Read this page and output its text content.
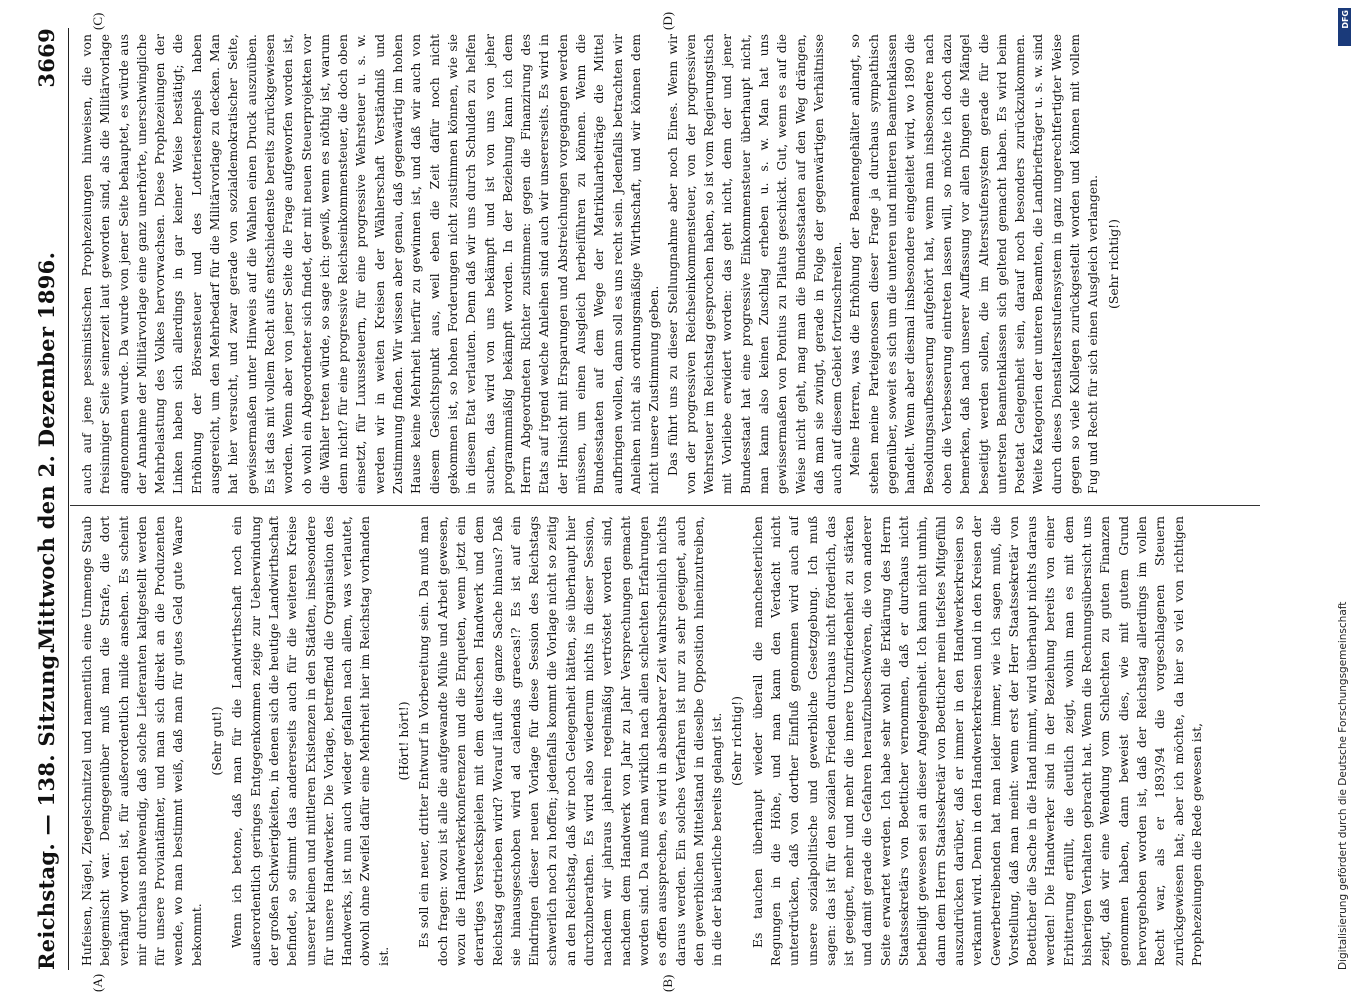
Reichstag. — 138. Sitzung.
Mittwoch den 2. Dezember 1896.
3669
(A)	(B)
(C)	(D)

Hufeisen, Nägel, Ziegelschnitzel und namentlich eine Unmenge Staub beigemischt war. Demgegenüber muß man die Strafe, die dort verhängt worden ist, für außerordentlich milde ansehen. Es scheint mir durchaus nothwendig, daß solche Lieferanten kaltgestellt werden für unsere Proviantämter, und man sich direkt an die Produzenten wende, wo man bestimmt weiß, daß man für gutes Geld gute Waare bekommt.

(Sehr gut!) Wenn ich betone, daß man für die Landwirthschaft noch ein außerordentlich geringes Entgegenkommen zeige zur Ueberwindung der großen Schwierigkeiten, in denen sich die heutige Landwirthschaft befindet, so stimmt das andererseits auch für die weiteren Kreise unserer kleinen und mittleren Existenzen in den Städten, insbesondere für unsere Handwerker. Die Vorlage, betreffend die Organisation des Handwerks, ist nun auch wieder gefallen nach allem, was verlautet, obwohl ohne Zweifel dafür eine Mehrheit hier im Reichstag vorhanden ist.

(Hört! hört!) Es soll ein neuer, dritter Entwurf in Vorbereitung sein. Da muß man doch fragen: wozu ist alle die aufgewandte Mühe und Arbeit gewesen, wozu die Handwerkerkonferenzen und die Enqueten, wenn jetzt ein derartiges Versteckspielen mit dem deutschen Handwerk und dem Reichstag getrieben wird? Worauf läuft die ganze Sache hinaus? Daß sie hinausgeschoben wird ad calendas graecas!? Es ist auf ein Eindringen dieser neuen Vorlage für diese Session des Reichstags schwerlich noch zu hoffen; jedenfalls kommt die Vorlage nicht so zeitig an den Reichstag, daß wir noch Gelegenheit hätten, sie überhaupt hier durchzuberathen. Es wird also wiederum nichts in dieser Session, nachdem wir jahraus jahrein regelmäßig vertröstet worden sind, nachdem dem Handwerk von Jahr zu Jahr Versprechungen gemacht worden sind. Da muß man wirklich nach allen schlechten Erfahrungen es offen aussprechen, es wird in absehbarer Zeit wahrscheinlich nichts daraus werden. Ein solches Verfahren ist nur zu sehr geeignet, auch den gewerblichen Mittelstand in dieselbe Opposition hineinzutreiben, in die der bäuerliche bereits gelangt ist. (Sehr richtig!) Es tauchen überhaupt wieder überall die manchesterlichen Regungen in die Höhe, und man kann den Verdacht nicht unterdrücken, daß von dorther Einfluß genommen wird auch auf unsere sozialpolitische und gewerbliche Gesetzgebung. Ich muß sagen: das ist für den sozialen Frieden durchaus nicht förderlich, das ist geeignet, mehr und mehr die innere Unzufriedenheit zu stärken und damit gerade die Gefahren heraufzubeschwören, die von anderer Seite erwartet werden. Ich habe sehr wohl die Erklärung des Herrn Staatssekretärs von Boetticher vernommen, daß er durchaus nicht betheiligt gewesen sei an dieser Angelegenheit. Ich kann nicht umhin, dann dem Herrn Staatssekretär von Boetticher mein tiefstes Mitgefühl auszudrücken darüber, daß er immer in den Handwerkerkreisen so verkannt wird. Denn in den Handwerkerkreisen und in den Kreisen der Gewerbetreibenden hat man leider immer, wie ich sagen muß, die Vorstellung, daß man meint: wenn erst der Herr Staatssekretär von Boetticher die Sache in die Hand nimmt, wird überhaupt nichts daraus werden! Die Handwerker sind in der Beziehung bereits von einer Erbitterung erfüllt, die deutlich zeigt, wohin man es mit dem bisherigen Verhalten gebracht hat. Wenn die Rechnungsübersicht uns zeigt, daß wir eine Wendung vom Schlechten zu guten Finanzen genommen haben, dann beweist dies, wie mit gutem Grund hervorgehoben worden ist, daß der Reichstag allerdings im vollen Recht war, als er 1893/94 die vorgeschlagenen Steuern zurückgewiesen hat; aber ich möchte, da hier so viel von richtigen Prophezeiungen die Rede gewesen ist,

auch auf jene pessimistischen Prophezeiungen hinweisen, die von freisinniger Seite seinerzeit laut geworden sind, als die Militärvorlage angenommen wurde. Da wurde von jener Seite behauptet, es würde aus der Annahme der Militärvorlage eine ganz unerhörte, unerschwingliche Mehrbelastung des Volkes hervorwachsen. Diese Prophezeiungen der Linken haben sich allerdings in gar keiner Weise bestätigt; die Erhöhung der Börsensteuer und des Lotteriestempels haben ausgereicht, um den Mehrbedarf für die Militärvorlage zu decken. Man hat hier versucht, und zwar gerade von sozialdemokratischer Seite, gewissermaßen unter Hinweis auf die Wahlen einen Druck auszuüben. Es ist das mit vollem Recht aufs entschiedenste bereits zurückgewiesen worden. Wenn aber von jener Seite die Frage aufgeworfen worden ist, ob wohl ein Abgeordneter sich findet, der mit neuen Steuerprojekten vor die Wähler treten würde, so sage ich: gewiß, wenn es nöthig ist, warum denn nicht? für eine progressive Reichseinkommensteuer, die doch oben einsetzt, für Luxussteuern, für eine progressive Wehrsteuer u. s. w. werden wir in weiten Kreisen der Wählerschaft Verständniß und Zustimmung finden. Wir wissen aber genau, daß gegenwärtig im hohen Hause keine Mehrheit hierfür zu gewinnen ist, und daß wir auch von diesem Gesichtspunkt aus, weil eben die Zeit dafür noch nicht gekommen ist, so hohen Forderungen nicht zustimmen können, wie sie in diesem Etat verlauten. Denn daß wir uns durch Schulden zu helfen suchen, das wird von uns bekämpft und ist von uns von jeher programmmäßig bekämpft worden. In der Beziehung kann ich dem Herrn Abgeordneten Richter zustimmen: gegen die Finanzirung des Etats auf irgend welche Anleihen sind auch wir unsererseits. Es wird in der Hinsicht mit Ersparungen und Abstreichungen vorgegangen werden müssen, um einen Ausgleich herbeiführen zu können. Wenn die Bundesstaaten auf dem Wege der Matrikularbeiträge die Mittel aufbringen wollen, dann soll es uns recht sein. Jedenfalls betrachten wir Anleihen nicht als ordnungsmäßige Wirthschaft, und wir können dem nicht unsere Zustimmung geben. Das führt uns zu dieser Stellungnahme aber noch Eines. Wenn wir von der progressiven Reichseinkommensteuer, von der progressiven Wehrsteuer im Reichstag gesprochen haben, so ist vom Regierungstisch mit Vorliebe erwidert worden: das geht nicht, denn der und jener Bundesstaat hat eine progressive Einkommensteuer überhaupt nicht, man kann also keinen Zuschlag erheben u. s. w. Man hat uns gewissermaßen von Pontius zu Pilatus geschickt. Gut, wenn es auf die Weise nicht geht, mag man die Bundesstaaten auf den Weg drängen, daß man sie zwingt, gerade in Folge der gegenwärtigen Verhältnisse auch auf diesem Gebiet fortzuschreiten. Meine Herren, was die Erhöhung der Beamtengehälter anlangt, so stehen meine Parteigenossen dieser Frage ja durchaus sympathisch gegenüber, soweit es sich um die unteren und mittleren Beamtenklassen handelt. Wenn aber diesmal insbesondere eingeleitet wird, wo 1890 die Besoldungsaufbesserung aufgehört hat, wenn man insbesondere nach oben die Verbesserung eintreten lassen will, so möchte ich doch dazu bemerken, daß nach unserer Auffassung vor allen Dingen die Mängel beseitigt werden sollen, die im Altersstufensystem gerade für die untersten Beamtenklassen sich geltend gemacht haben. Es wird beim Postetat Gelegenheit sein, darauf noch besonders zurückzukommen. Weite Kategorien der unteren Beamten, die Landbriefträger u. s. w. sind durch dieses Dienstaltersstufensystem in ganz ungerechtfertigter Weise gegen so viele Kollegen zurückgestellt worden und können mit vollem Fug und Recht für sich einen Ausgleich verlangen. (Sehr richtig!)

DFG
Digitalisierung gefördert durch die Deutsche Forschungsgemeinschaft
